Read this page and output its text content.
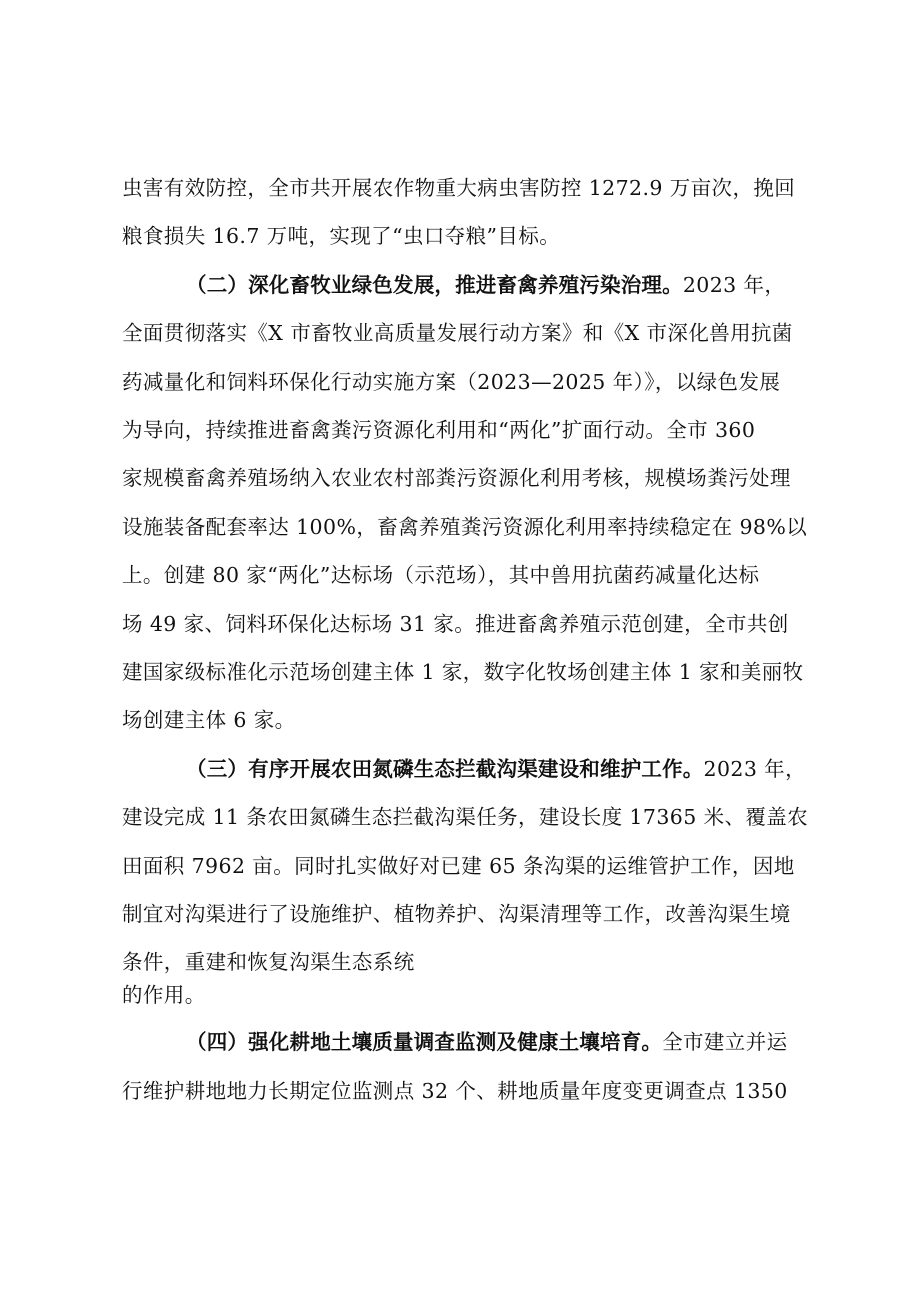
虫害有效防控，全市共开展农作物重大病虫害防控 1272.9 万亩次，挽回
粮食损失 16.7 万吨，实现了“虫口夺粮”目标。
（二）深化畜牧业绿色发展，推进畜禽养殖污染治理。2023 年，
全面贯彻落实《X 市畜牧业高质量发展行动方案》和《X 市深化兽用抗菌
药减量化和饲料环保化行动实施方案（2023—2025 年）》，以绿色发展
为导向，持续推进畜禽粪污资源化利用和“两化”扩面行动。全市 360
家规模畜禽养殖场纳入农业农村部粪污资源化利用考核，规模场粪污处理
设施装备配套率达 100%，畜禽养殖粪污资源化利用率持续稳定在 98%以
上。创建 80 家“两化”达标场（示范场），其中兽用抗菌药减量化达标
场 49 家、饲料环保化达标场 31 家。推进畜禽养殖示范创建，全市共创
建国家级标准化示范场创建主体 1 家，数字化牧场创建主体 1 家和美丽牧
场创建主体 6 家。
（三）有序开展农田氮磷生态拦截沟渠建设和维护工作。2023 年，
建设完成 11 条农田氮磷生态拦截沟渠任务，建设长度 17365 米、覆盖农
田面积 7962 亩。同时扎实做好对已建 65 条沟渠的运维管护工作，因地
制宜对沟渠进行了设施维护、植物养护、沟渠清理等工作，改善沟渠生境
条件，重建和恢复沟渠生态系统
的作用。
（四）强化耕地土壤质量调查监测及健康土壤培育。全市建立并运
行维护耕地地力长期定位监测点 32 个、耕地质量年度变更调查点 1350
